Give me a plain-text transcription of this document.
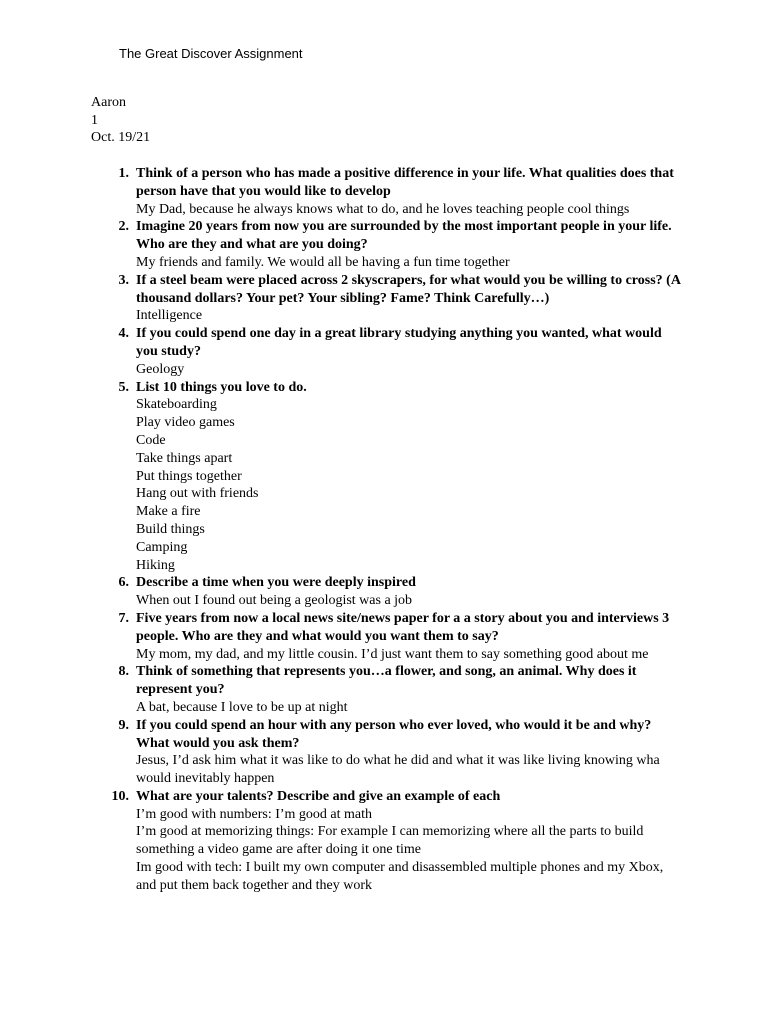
The Great Discover Assignment
Aaron
1
Oct. 19/21
1. Think of a person who has made a positive difference in your life. What qualities does that person have that you would like to develop
My Dad, because he always knows what to do, and he loves teaching people cool things
2. Imagine 20 years from now you are surrounded by the most important people in your life. Who are they and what are you doing?
My friends and family. We would all be having a fun time together
3. If a steel beam were placed across 2 skyscrapers, for what would you be willing to cross? (A thousand dollars? Your pet? Your sibling? Fame? Think Carefully…)
Intelligence
4. If you could spend one day in a great library studying anything you wanted, what would you study?
Geology
5. List 10 things you love to do.
Skateboarding
Play video games
Code
Take things apart
Put things together
Hang out with friends
Make a fire
Build things
Camping
Hiking
6. Describe a time when you were deeply inspired
When out I found out being a geologist was a job
7. Five years from now a local news site/news paper for a a story about you and interviews 3 people. Who are they and what would you want them to say?
My mom, my dad, and my little cousin. I’d just want them to say something good about me
8. Think of something that represents you…a flower, and song, an animal. Why does it represent you?
A bat, because I love to be up at night
9. If you could spend an hour with any person who ever loved, who would it be and why? What would you ask them?
Jesus, I’d ask him what it was like to do what he did and what it was like living knowing wha would inevitably happen
10. What are your talents? Describe and give an example of each
I’m good with numbers: I’m good at math
I’m good at memorizing things: For example I can memorizing where all the parts to build something a video game are after doing it one time
Im good with tech: I built my own computer and disassembled multiple phones and my Xbox, and put them back together and they work
